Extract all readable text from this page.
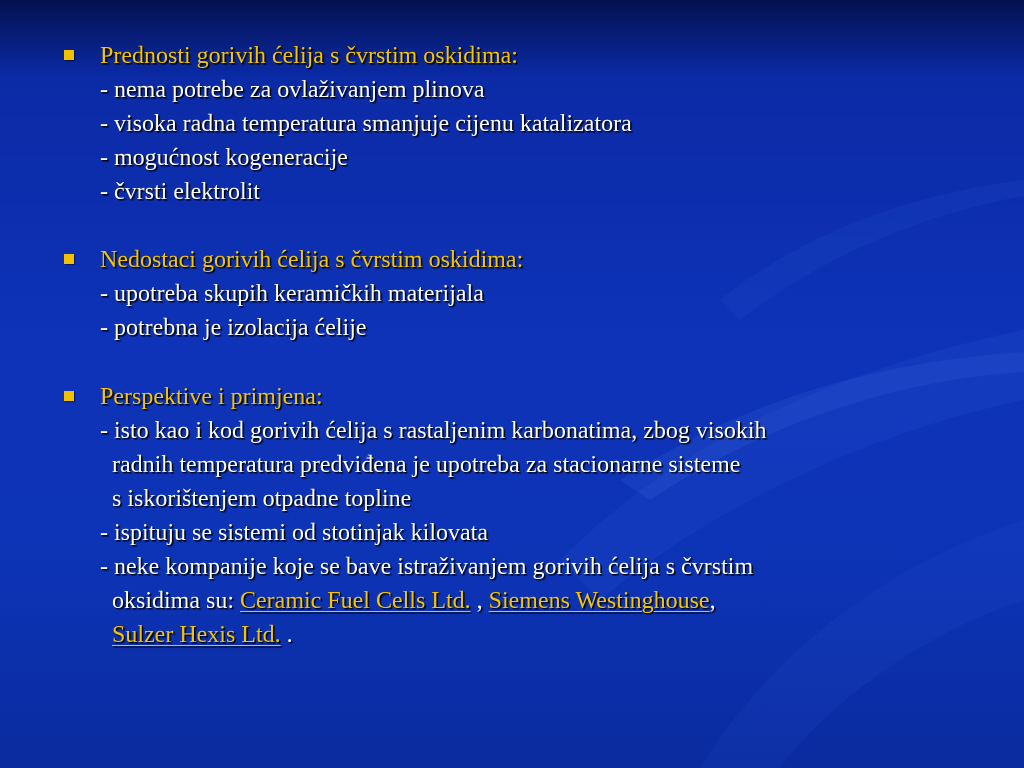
Prednosti gorivih ćelija s čvrstim oskidima:
- nema potrebe za ovlaživanjem plinova
- visoka radna temperatura smanjuje cijenu katalizatora
- mogućnost kogeneracije
- čvrsti elektrolit
Nedostaci gorivih ćelija s čvrstim oskidima:
- upotreba skupih keramičkih materijala
- potrebna je izolacija ćelije
Perspektive i primjena:
- isto kao i kod gorivih ćelija s rastaljenim karbonatima, zbog visokih
radnih temperatura predviđena je upotreba za stacionarne sisteme
s iskorištenjem otpadne topline
- ispituju se sistemi od stotinjak kilovata
- neke kompanije koje se bave istraživanjem gorivih ćelija s čvrstim
oksidima su: Ceramic Fuel Cells Ltd. , Siemens Westinghouse,
Sulzer Hexis Ltd. .
